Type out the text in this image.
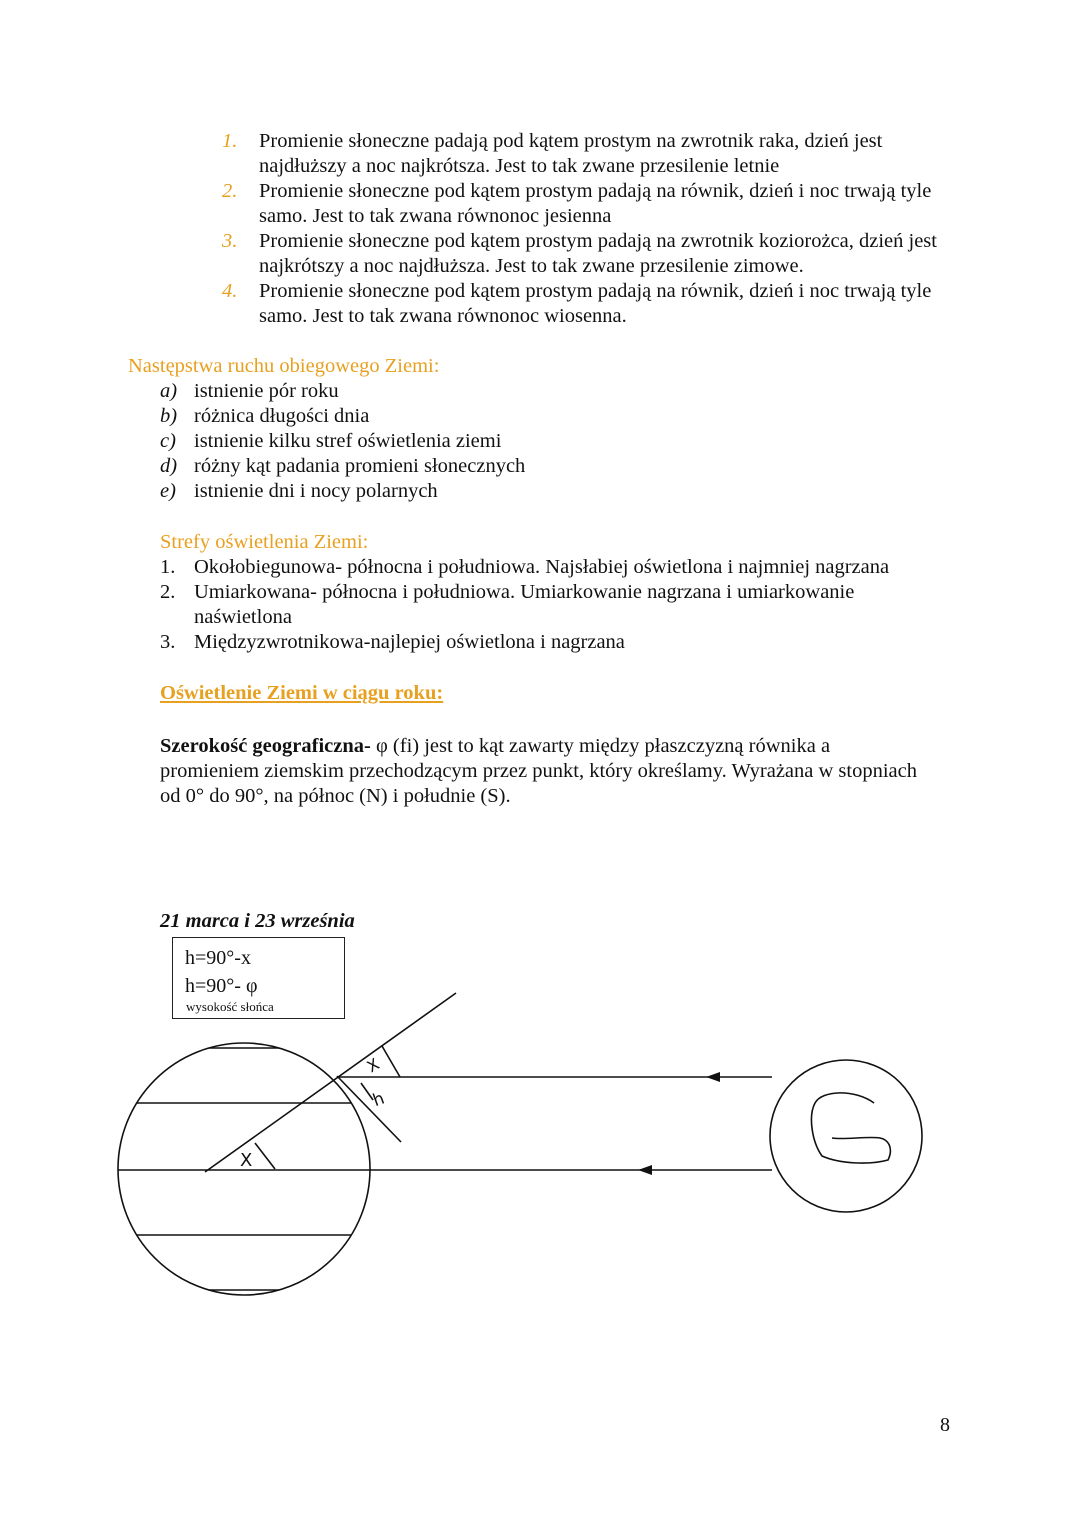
1. Promienie słoneczne padają pod kątem prostym na zwrotnik raka, dzień jest najdłuższy a noc najkrótsza. Jest to tak zwane przesilenie letnie
2. Promienie słoneczne pod kątem prostym padają na równik, dzień i noc trwają tyle samo. Jest to tak zwana równonoc jesienna
3. Promienie słoneczne pod kątem prostym padają na zwrotnik koziorożca, dzień jest najkrótszy a noc najdłuższa. Jest to tak zwane przesilenie zimowe.
4. Promienie słoneczne pod kątem prostym padają na równik, dzień i noc trwają tyle samo. Jest to tak zwana równonoc wiosenna.
Następstwa ruchu obiegowego Ziemi:
a) istnienie pór roku
b) różnica długości dnia
c) istnienie kilku stref oświetlenia ziemi
d) różny kąt padania promieni słonecznych
e) istnienie dni i nocy polarnych
Strefy oświetlenia Ziemi:
1. Okołobiegunowa- północna i południowa. Najsłabiej oświetlona i najmniej nagrzana
2. Umiarkowana- północna i południowa. Umiarkowanie nagrzana i umiarkowanie naświetlona
3. Międzyzwrotnikowa-najlepiej oświetlona i nagrzana
Oświetlenie Ziemi w ciągu roku:
Szerokość geograficzna- φ (fi) jest to kąt zawarty między płaszczyzną równika a promieniem ziemskim przechodzącym przez punkt, który określamy. Wyrażana w stopniach od 0° do 90°, na północ (N) i południe (S).
21 marca i 23 września
h=90°-x
h=90°- φ
wysokość słońca
X
X
h
8
